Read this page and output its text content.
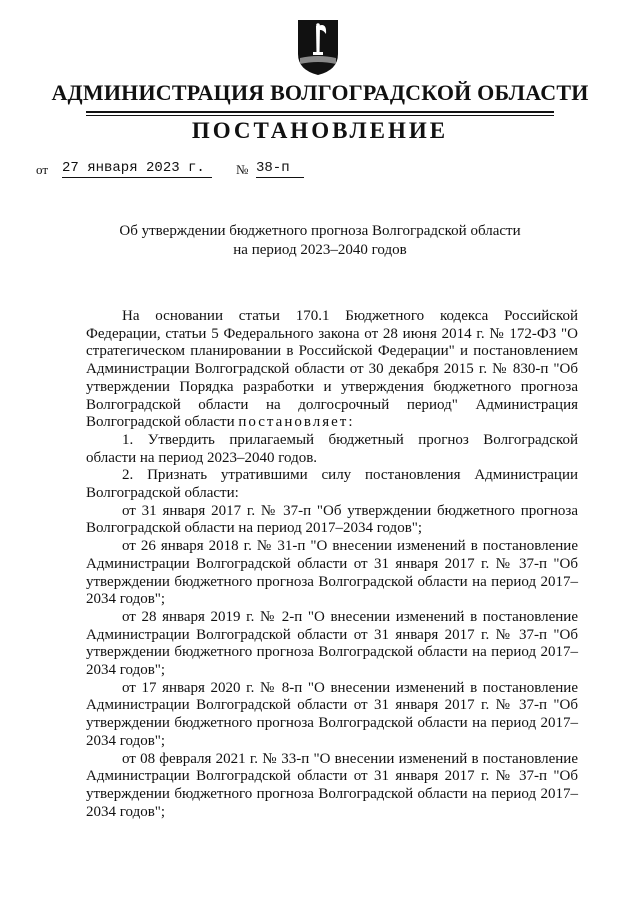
АДМИНИСТРАЦИЯ ВОЛГОГРАДСКОЙ ОБЛАСТИ
ПОСТАНОВЛЕНИЕ
от 27 января 2023 г.	№ 38-п
Об утверждении бюджетного прогноза Волгоградской области
на период 2023–2040 годов

На основании статьи 170.1 Бюджетного кодекса Российской Федерации, статьи 5 Федерального закона от 28 июня 2014 г. № 172-ФЗ "О стратегическом планировании в Российской Федерации" и постановлением Администрации Волгоградской области от 30 декабря 2015 г. № 830-п "Об утверждении Порядка разработки и утверждения бюджетного прогноза Волгоградской области на долгосрочный период" Администрация Волгоградской области постановляет:

1. Утвердить прилагаемый бюджетный прогноз Волгоградской области на период 2023–2040 годов.

2. Признать утратившими силу постановления Администрации Волгоградской области:

от 31 января 2017 г. № 37-п "Об утверждении бюджетного прогноза Волгоградской области на период 2017–2034 годов";

от 26 января 2018 г. № 31-п "О внесении изменений в постановление Администрации Волгоградской области от 31 января 2017 г. № 37-п "Об утверждении бюджетного прогноза Волгоградской области на период 2017–2034 годов";

от 28 января 2019 г. № 2-п "О внесении изменений в постановление Администрации Волгоградской области от 31 января 2017 г. № 37-п "Об утверждении бюджетного прогноза Волгоградской области на период 2017–2034 годов";

от 17 января 2020 г. № 8-п "О внесении изменений в постановление Администрации Волгоградской области от 31 января 2017 г. № 37-п "Об утверждении бюджетного прогноза Волгоградской области на период 2017–2034 годов";

от 08 февраля 2021 г. № 33-п "О внесении изменений в постановление Администрации Волгоградской области от 31 января 2017 г. № 37-п "Об утверждении бюджетного прогноза Волгоградской области на период 2017–2034 годов";
